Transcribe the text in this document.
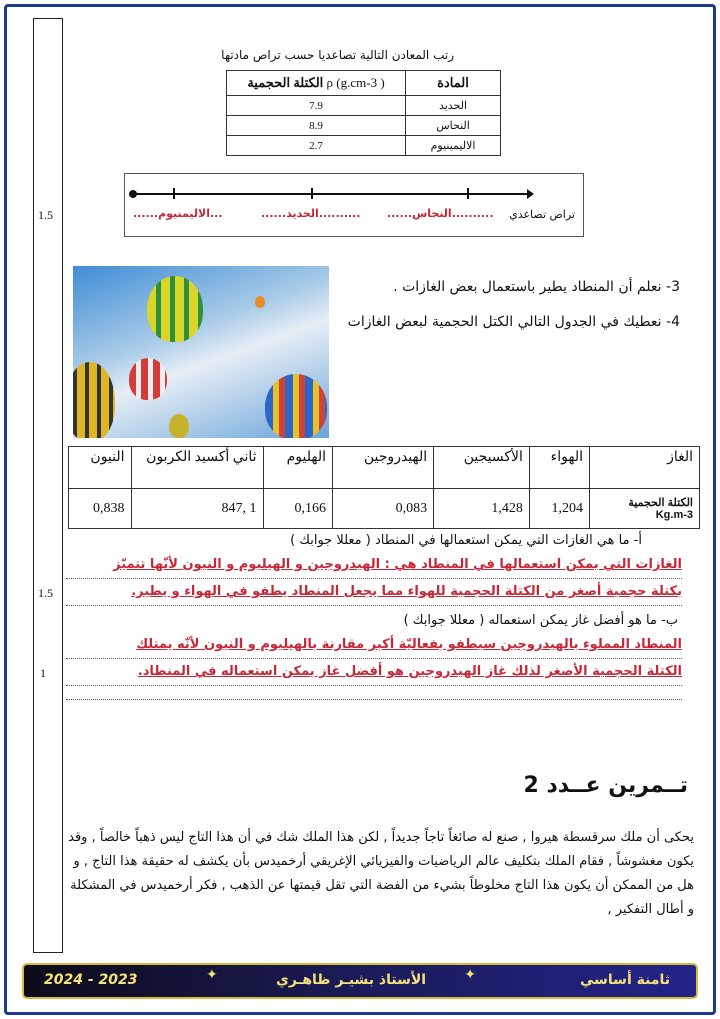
1.5
1.5
1
رتب المعادن التالية تصاعديا حسب تراص مادتها
الكتلة الحجمية ρ (g.cm-3 )	المادة
7.9	الحديد
8.9	النحاس
2.7	الاليمينيوم
تراص تصاعدي
......النحاس..........
......الحديد..........
......الاليمنيوم...
3- نعلم أن المنطاد يطير باستعمال بعض الغازات .
4- نعطيك في الجدول التالي الكتل الحجمية لبعض الغازات
الغاز	الهواء	الأكسيجين	الهيدروجين	الهليوم	ثاني أكسيد الكربون	النيون
الكتلة الحجمية Kg.m-3	1,204	1,428	0,083	0,166	1 ,847	0,838
أ- ما هي الغازات التي يمكن استعمالها في المنطاد ( معللا جوابك )
الغازات التي يمكن استعمالها في المنطاد هي : الهيدروجين و الهيليوم و النيون لأنّها تتميّز
بكتلة حجمية أصغر من الكتلة الحجمية للهواء مما يجعل المنطاد يطفو في الهواء و يطير.
ب- ما هو أفضل غاز يمكن استعماله ( معللا جوابك )
المنطاد المملوء بالهيدروجين سيطفو بفعاليّة أكبر مقارنة بالهيليوم و النيون لأنّه يمتلك
الكتلة الحجمية الأصغر لذلك غاز الهيدروجين هو أفضل غاز يمكن استعماله في المنطاد.
تــمرين عــدد 2

يحكى أن ملك سرقسطة هيروا , صنع له صائغاً تاجاً جديداً , لكن هذا الملك شك في أن هذا التاج ليس ذهباً خالصاً , وقد يكون مغشوشاً , فقام الملك بتكليف عالم الرياضيات والفيزيائي الإغريقي أرخميدس بأن يكشف له حقيقة هذا التاج , و هل من الممكن أن يكون هذا التاج مخلوطاً بشيء من الفضة التي تقل قيمتها عن الذهب , فكر أرخميدس في المشكلة و أطال التفكير ,

ثامنة أساسي
✦
الأستاذ بشيـر ظاهـري
✦
2024 - 2023
